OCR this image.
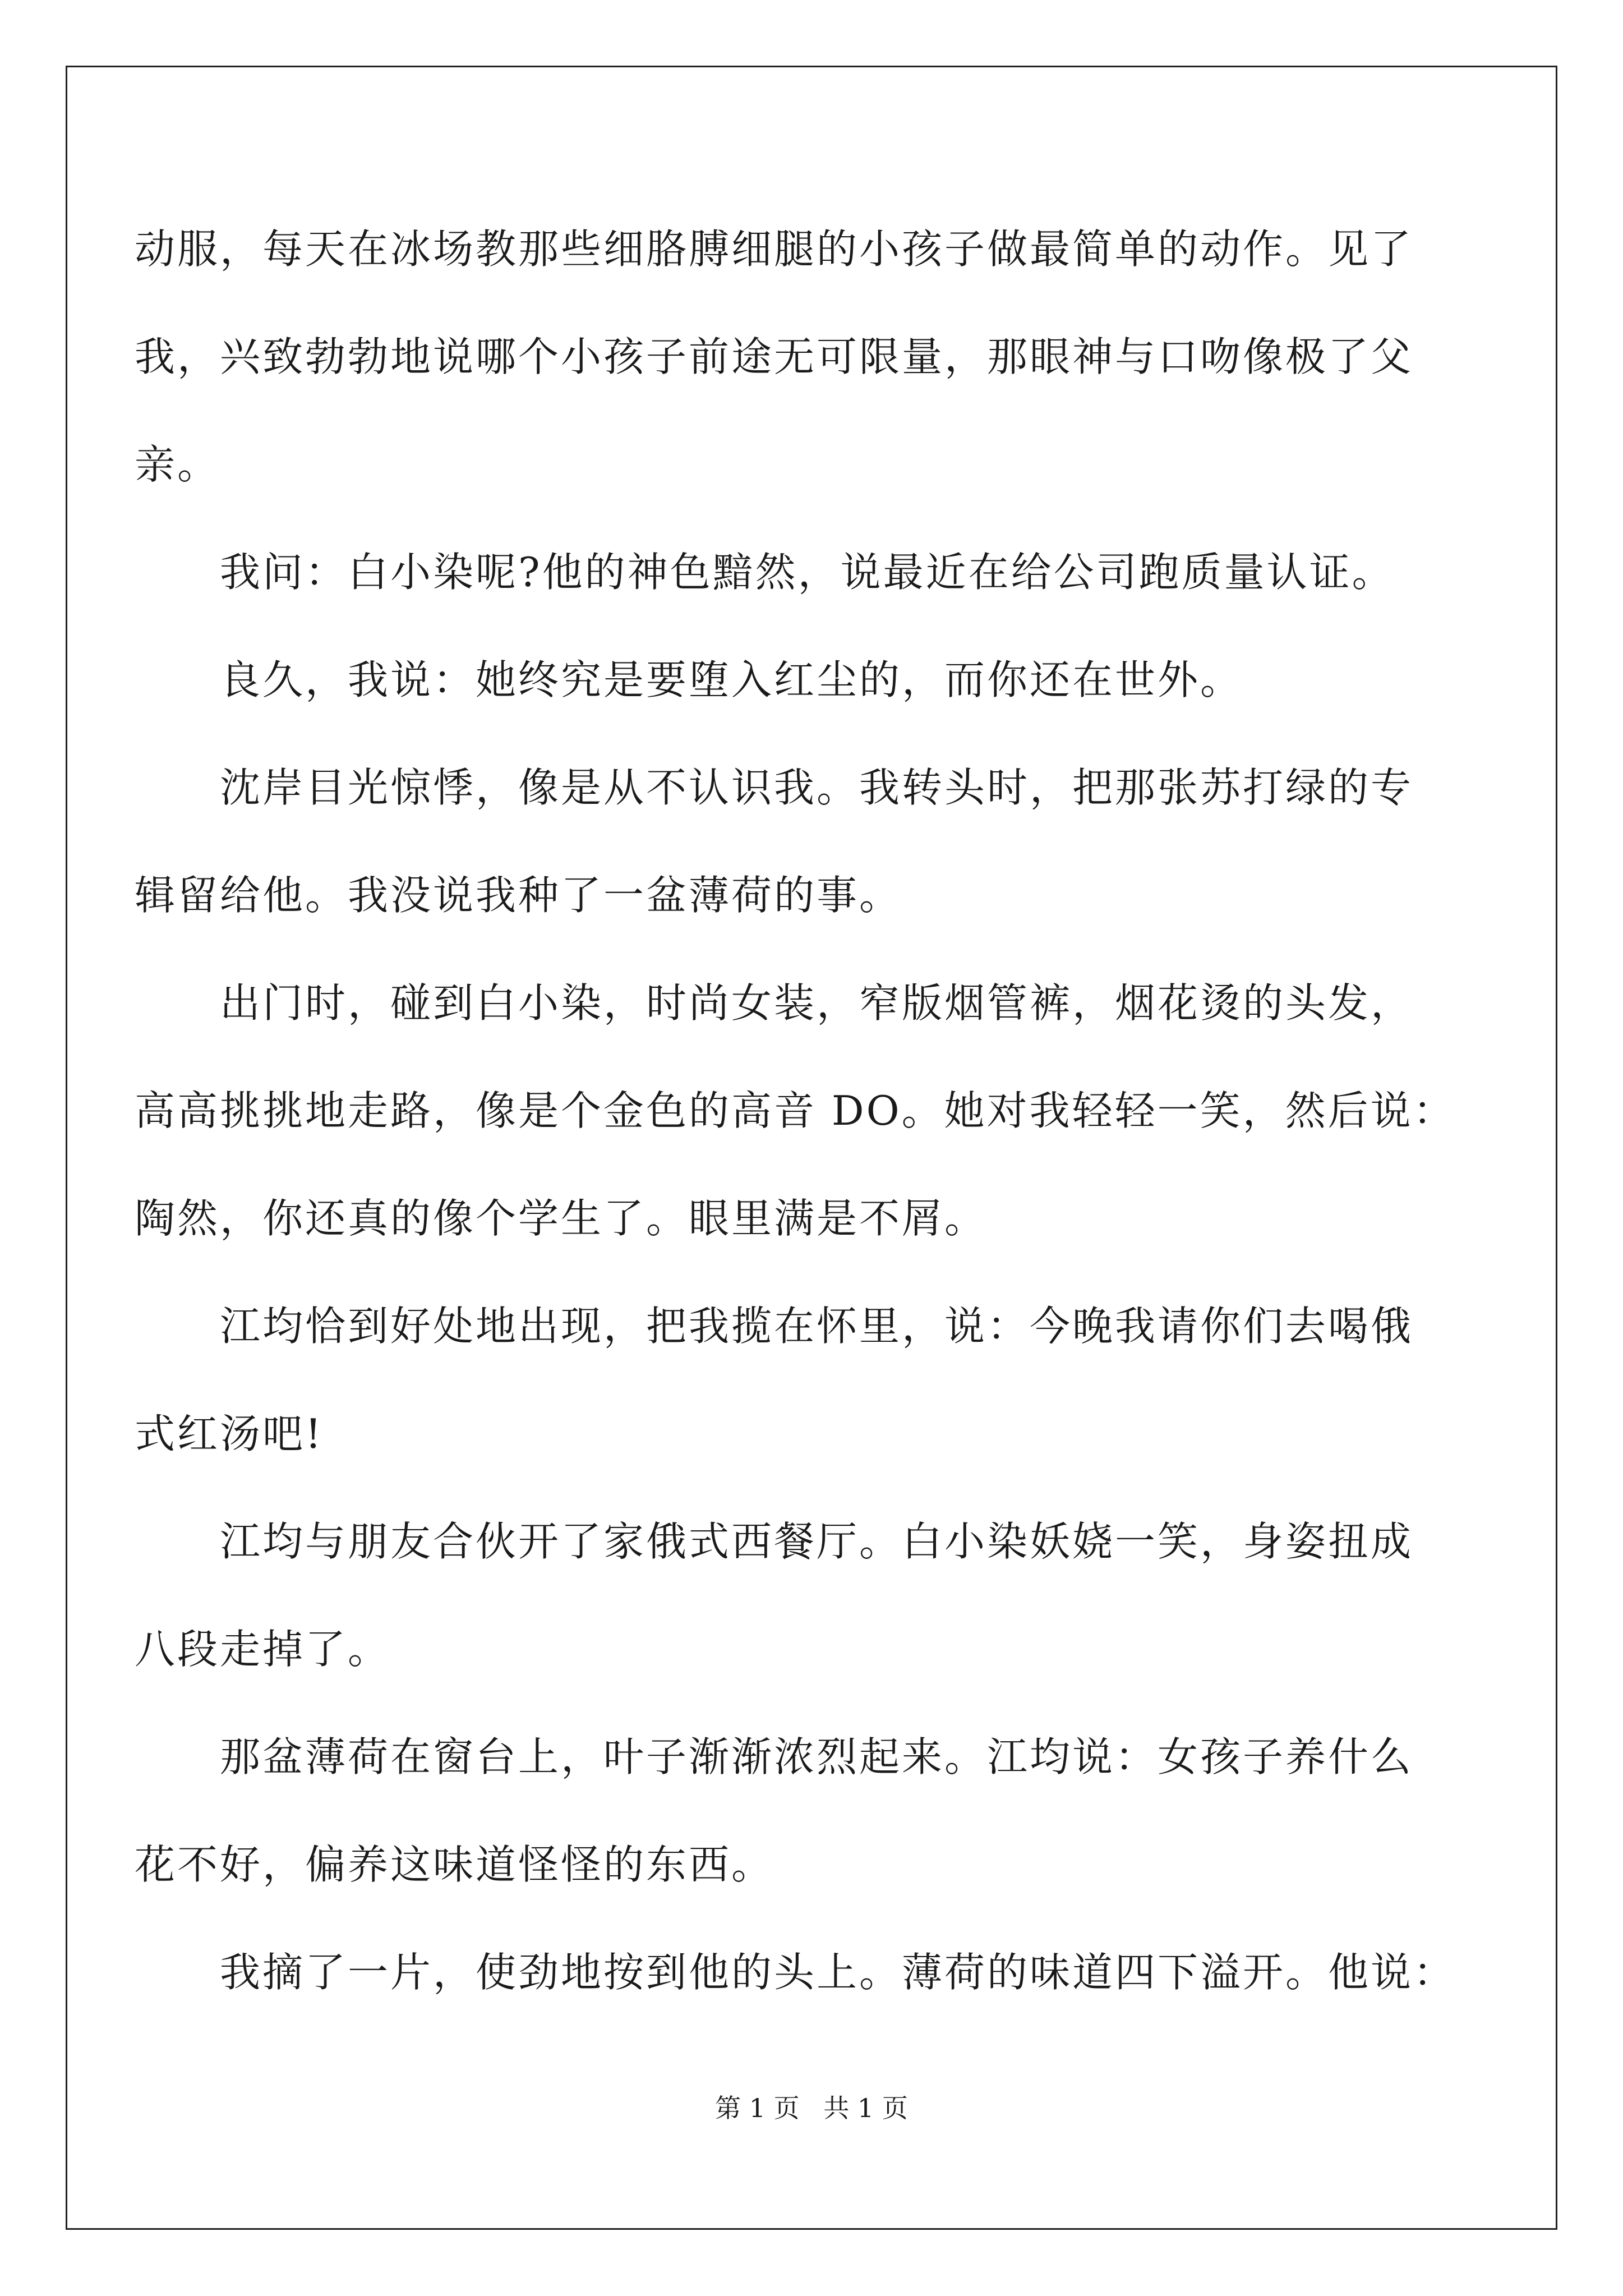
动服，每天在冰场教那些细胳膊细腿的小孩子做最简单的动作。见了
我，兴致勃勃地说哪个小孩子前途无可限量，那眼神与口吻像极了父
亲。
　　我问：白小染呢?他的神色黯然，说最近在给公司跑质量认证。
　　良久，我说：她终究是要堕入红尘的，而你还在世外。
　　沈岸目光惊悸，像是从不认识我。我转头时，把那张苏打绿的专
辑留给他。我没说我种了一盆薄荷的事。
　　出门时，碰到白小染，时尚女装，窄版烟管裤，烟花烫的头发，
高高挑挑地走路，像是个金色的高音 DO。她对我轻轻一笑，然后说：
陶然，你还真的像个学生了。眼里满是不屑。
　　江均恰到好处地出现，把我揽在怀里，说：今晚我请你们去喝俄
式红汤吧!
　　江均与朋友合伙开了家俄式西餐厅。白小染妖娆一笑，身姿扭成
八段走掉了。
　　那盆薄荷在窗台上，叶子渐渐浓烈起来。江均说：女孩子养什么
花不好，偏养这味道怪怪的东西。
　　我摘了一片，使劲地按到他的头上。薄荷的味道四下溢开。他说：
第 1 页 共 1 页
